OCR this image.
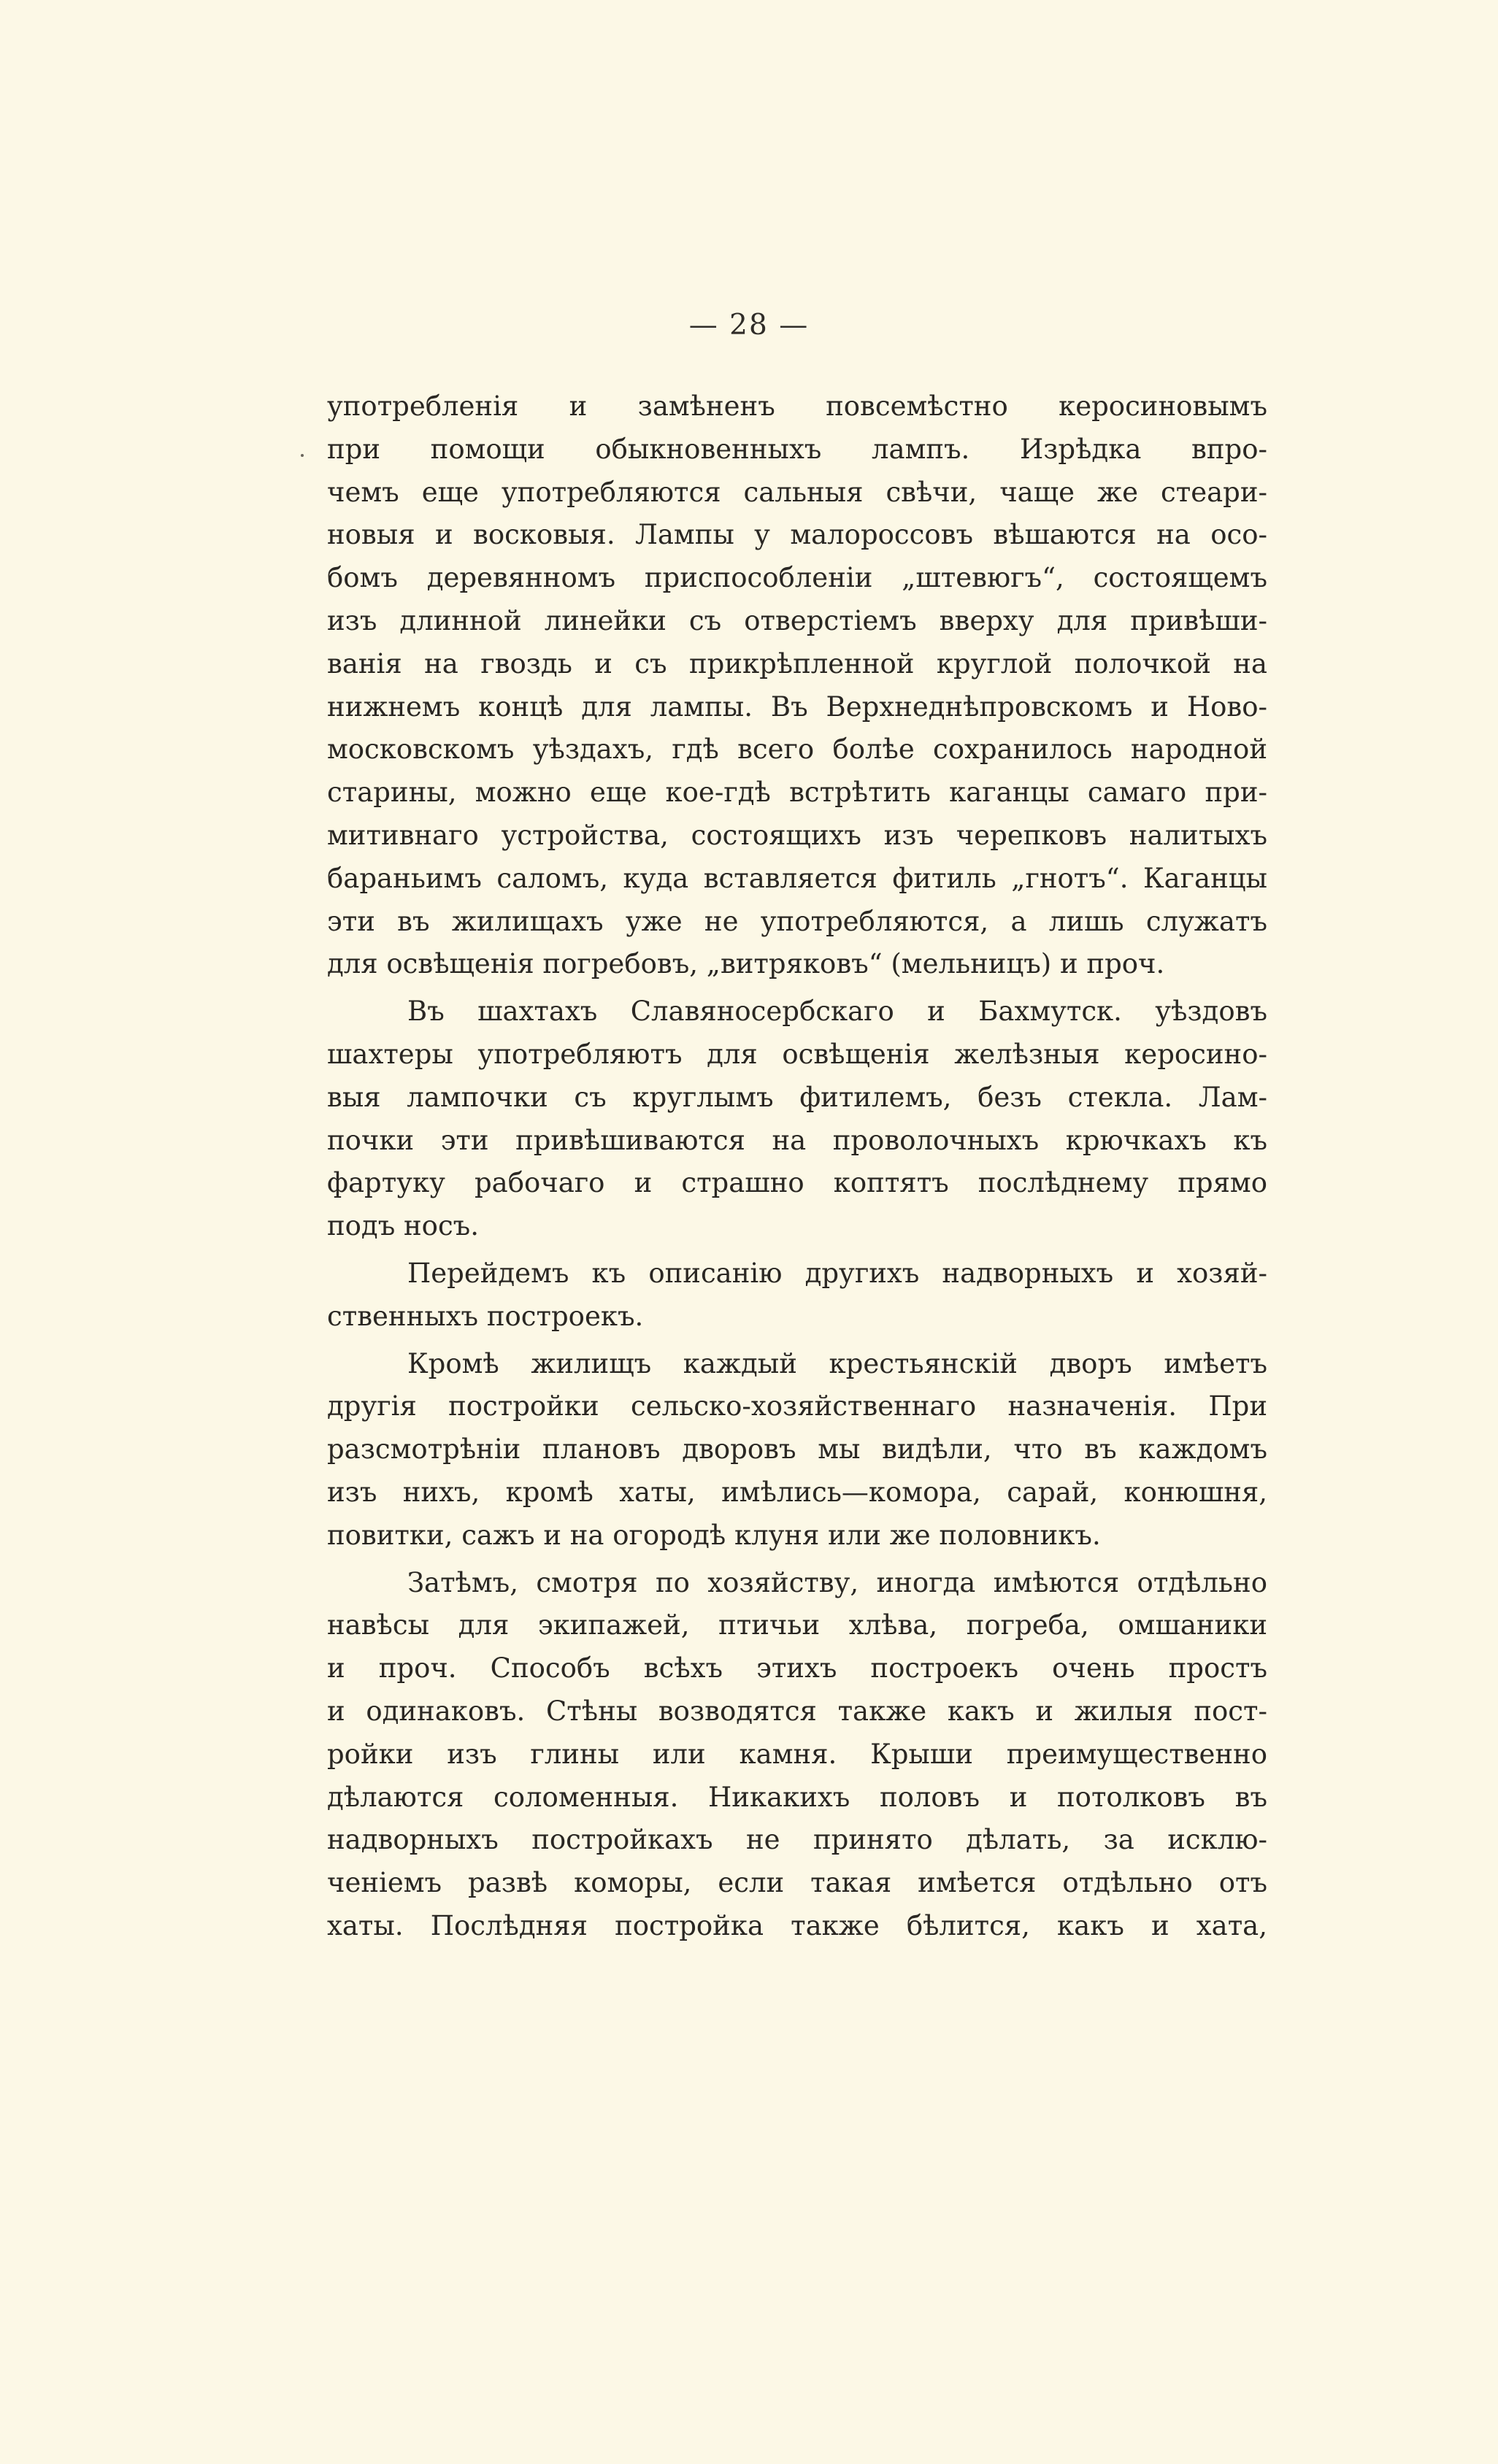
— 28 —
употребленія и замѣненъ повсемѣстно керосиновымъ
при помощи обыкновенныхъ лампъ. Изрѣдка впро-
чемъ еще употребляются сальныя свѣчи, чаще же стеари-
новыя и восковыя. Лампы у малороссовъ вѣшаются на осо-
бомъ деревянномъ приспособленіи „штевюгъ“, состоящемъ
изъ длинной линейки съ отверстіемъ вверху для привѣши-
ванія на гвоздь и съ прикрѣпленной круглой полочкой на
нижнемъ концѣ для лампы. Въ Верхнеднѣпровскомъ и Ново-
московскомъ уѣздахъ, гдѣ всего болѣе сохранилось народной
старины, можно еще кое-гдѣ встрѣтить каганцы самаго при-
митивнаго устройства, состоящихъ изъ черепковъ налитыхъ
бараньимъ саломъ, куда вставляется фитиль „гнотъ“. Каганцы
эти въ жилищахъ уже не употребляются, а лишь служатъ
для освѣщенія погребовъ, „витряковъ“ (мельницъ) и проч.
Въ шахтахъ Славяносербскаго и Бахмутск. уѣздовъ
шахтеры употребляютъ для освѣщенія желѣзныя керосино-
выя лампочки съ круглымъ фитилемъ, безъ стекла. Лам-
почки эти привѣшиваются на проволочныхъ крючкахъ къ
фартуку рабочаго и страшно коптятъ послѣднему прямо
подъ носъ.
Перейдемъ къ описанію другихъ надворныхъ и хозяй-
ственныхъ построекъ.
Кромѣ жилищъ каждый крестьянскій дворъ имѣетъ
другія постройки сельско-хозяйственнаго назначенія. При
разсмотрѣніи плановъ дворовъ мы видѣли, что въ каждомъ
изъ нихъ, кромѣ хаты, имѣлись—комора, сарай, конюшня,
повитки, сажъ и на огородѣ клуня или же половникъ.
Затѣмъ, смотря по хозяйству, иногда имѣются отдѣльно
навѣсы для экипажей, птичьи хлѣва, погреба, омшаники
и проч. Способъ всѣхъ этихъ построекъ очень простъ
и одинаковъ. Стѣны возводятся также какъ и жилыя пост-
ройки изъ глины или камня. Крыши преимущественно
дѣлаются соломенныя. Никакихъ половъ и потолковъ въ
надворныхъ постройкахъ не принято дѣлать, за исклю-
ченіемъ развѣ коморы, если такая имѣется отдѣльно отъ
хаты. Послѣдняя постройка также бѣлится, какъ и хата,
